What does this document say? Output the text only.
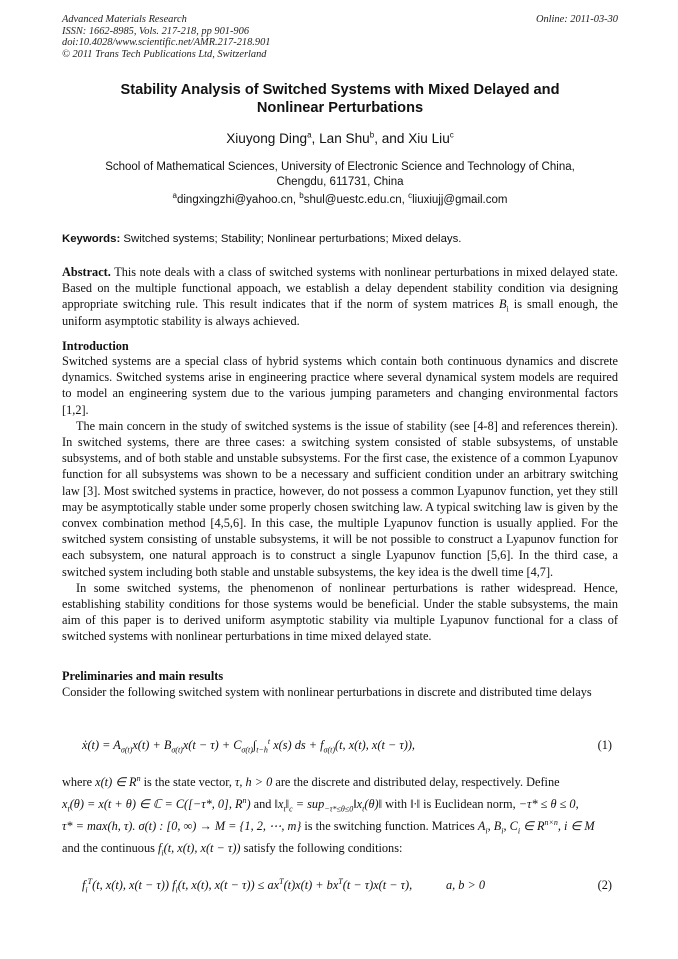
Advanced Materials Research
ISSN: 1662-8985, Vols. 217-218, pp 901-906
doi:10.4028/www.scientific.net/AMR.217-218.901
© 2011 Trans Tech Publications Ltd, Switzerland
Online: 2011-03-30
Stability Analysis of Switched Systems with Mixed Delayed and
Nonlinear Perturbations
Xiuyong Ding$^a$, Lan Shu$^b$, and Xiu Liu$^c$
School of Mathematical Sciences, University of Electronic Science and Technology of China,
Chengdu, 611731, China
$^a$dingxingzhi@yahoo.cn, $^b$shul@uestc.edu.cn, $^c$liuxiujj@gmail.com
Keywords: Switched systems; Stability; Nonlinear perturbations; Mixed delays.
Abstract. This note deals with a class of switched systems with nonlinear perturbations in mixed delayed state. Based on the multiple functional appoach, we establish a delay dependent stability condition via designing appropriate switching rule. This result indicates that if the norm of system matrices $B_i$ is small enough, the uniform asymptotic stability is always achieved.
Introduction

Switched systems are a special class of hybrid systems which contain both continuous dynamics and discrete dynamics. Switched systems arise in engineering practice where several dynamical system models are required to model an engineering system due to the various jumping parameters and changing environmental factors [1,2].

The main concern in the study of switched systems is the issue of stability (see [4-8] and references therein). In switched systems, there are three cases: a switching system consisted of stable subsystems, of unstable subsystems, and of both stable and unstable subsystems. For the first case, the existence of a common Lyapunov function for all subsystems was shown to be a necessary and sufficient condition under an arbitrary switching law [3]. Most switched systems in practice, however, do not possess a common Lyapunov function, yet they still may be asymptotically stable under some properly chosen switching law. A typical switching law is given by the convex combination method [4,5,6]. In this case, the multiple Lyapunov function is usually applied. For the switched system consisting of unstable subsystems, it will be not possible to construct a Lyapunov function for each subsystem, one natural approach is to construct a single Lyapunov function [5,6]. In the third case, a switched system including both stable and unstable subsystems, the key idea is the dwell time [4,7].

In some switched systems, the phenomenon of nonlinear perturbations is rather widespread. Hence, establishing stability conditions for those systems would be beneficial. Under the stable subsystems, the main aim of this paper is to derived uniform asymptotic stability via multiple Lyapunov functional for a class of switched systems with nonlinear perturbations in time mixed delayed state.

Preliminaries and main results
Consider the following switched system with nonlinear perturbations in discrete and distributed time delays
ẋ(t) = $A_{\sigma(t)}x(t) + B_{\sigma(t)}x(t - \tau) + C_{\sigma(t)}\int_{t-h}^t$ x(s) ds + $f_{\sigma(t)}(t$, x(t), x(t − τ)),	(1)
where x(t) ∈ $R^n$ is the state vector, τ, h > 0 are the discrete and distributed delay, respectively. Define
$x_t(\theta) = x(t + \theta)$ ∈ ℂ = C([−τ*, 0], $R^n$) and $‖x_t‖_c$ = $sup_{-\tau*\le\theta\le 0}‖x_t(\theta)‖$ with ‖·‖ is Euclidean norm, −τ* ≤ θ ≤ 0,
τ* = max(h, τ). σ(t) : [0, ∞) → M = {1, 2, ⋯, m} is the switching function. Matrices $A_i$, $B_i$, $C_i$ ∈ $R^{n\times n}$, i ∈ M
and the continuous $f_i(t$, x(t), x(t − τ)) satisfy the following conditions:
$f_i^T(t$, x(t), x(t − τ)) $f_i(t$, x(t), $x(t - \tau)) \le ax^T(t)x(t) + bx^T(t - \tau)x(t - \tau)$,           a, b > 0	(2)
